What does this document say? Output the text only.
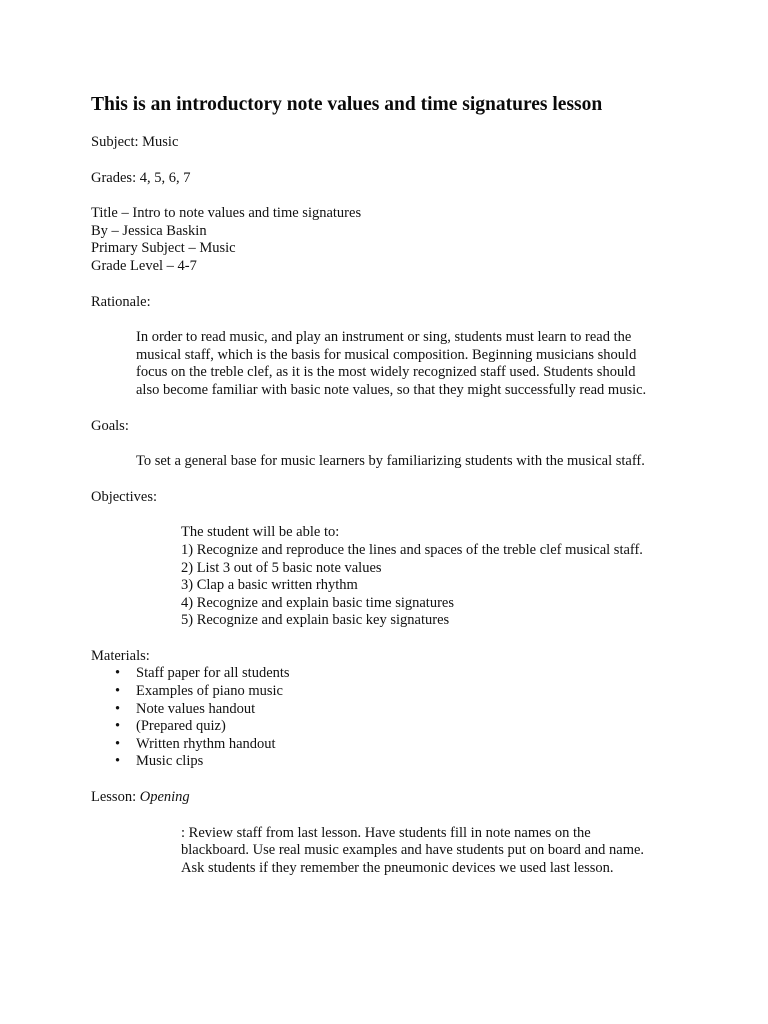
This is an introductory note values and time signatures lesson

Subject: Music

Grades: 4, 5, 6, 7

Title – Intro to note values and time signatures

By – Jessica Baskin

Primary Subject – Music

Grade Level – 4-7

Rationale:

In order to read music, and play an instrument or sing, students must learn to read the

musical staff, which is the basis for musical composition. Beginning musicians should

focus on the treble clef, as it is the most widely recognized staff used. Students should

also become familiar with basic note values, so that they might successfully read music.

Goals:

To set a general base for music learners by familiarizing students with the musical staff.

Objectives:

The student will be able to:

1) Recognize and reproduce the lines and spaces of the treble clef musical staff.

2) List 3 out of 5 basic note values

3) Clap a basic written rhythm

4) Recognize and explain basic time signatures

5) Recognize and explain basic key signatures

Materials:

• Staff paper for all students
• Examples of piano music
• Note values handout
• (Prepared quiz)
• Written rhythm handout
• Music clips

Lesson: Opening

: Review staff from last lesson. Have students fill in note names on the

blackboard. Use real music examples and have students put on board and name.

Ask students if they remember the pneumonic devices we used last lesson.
